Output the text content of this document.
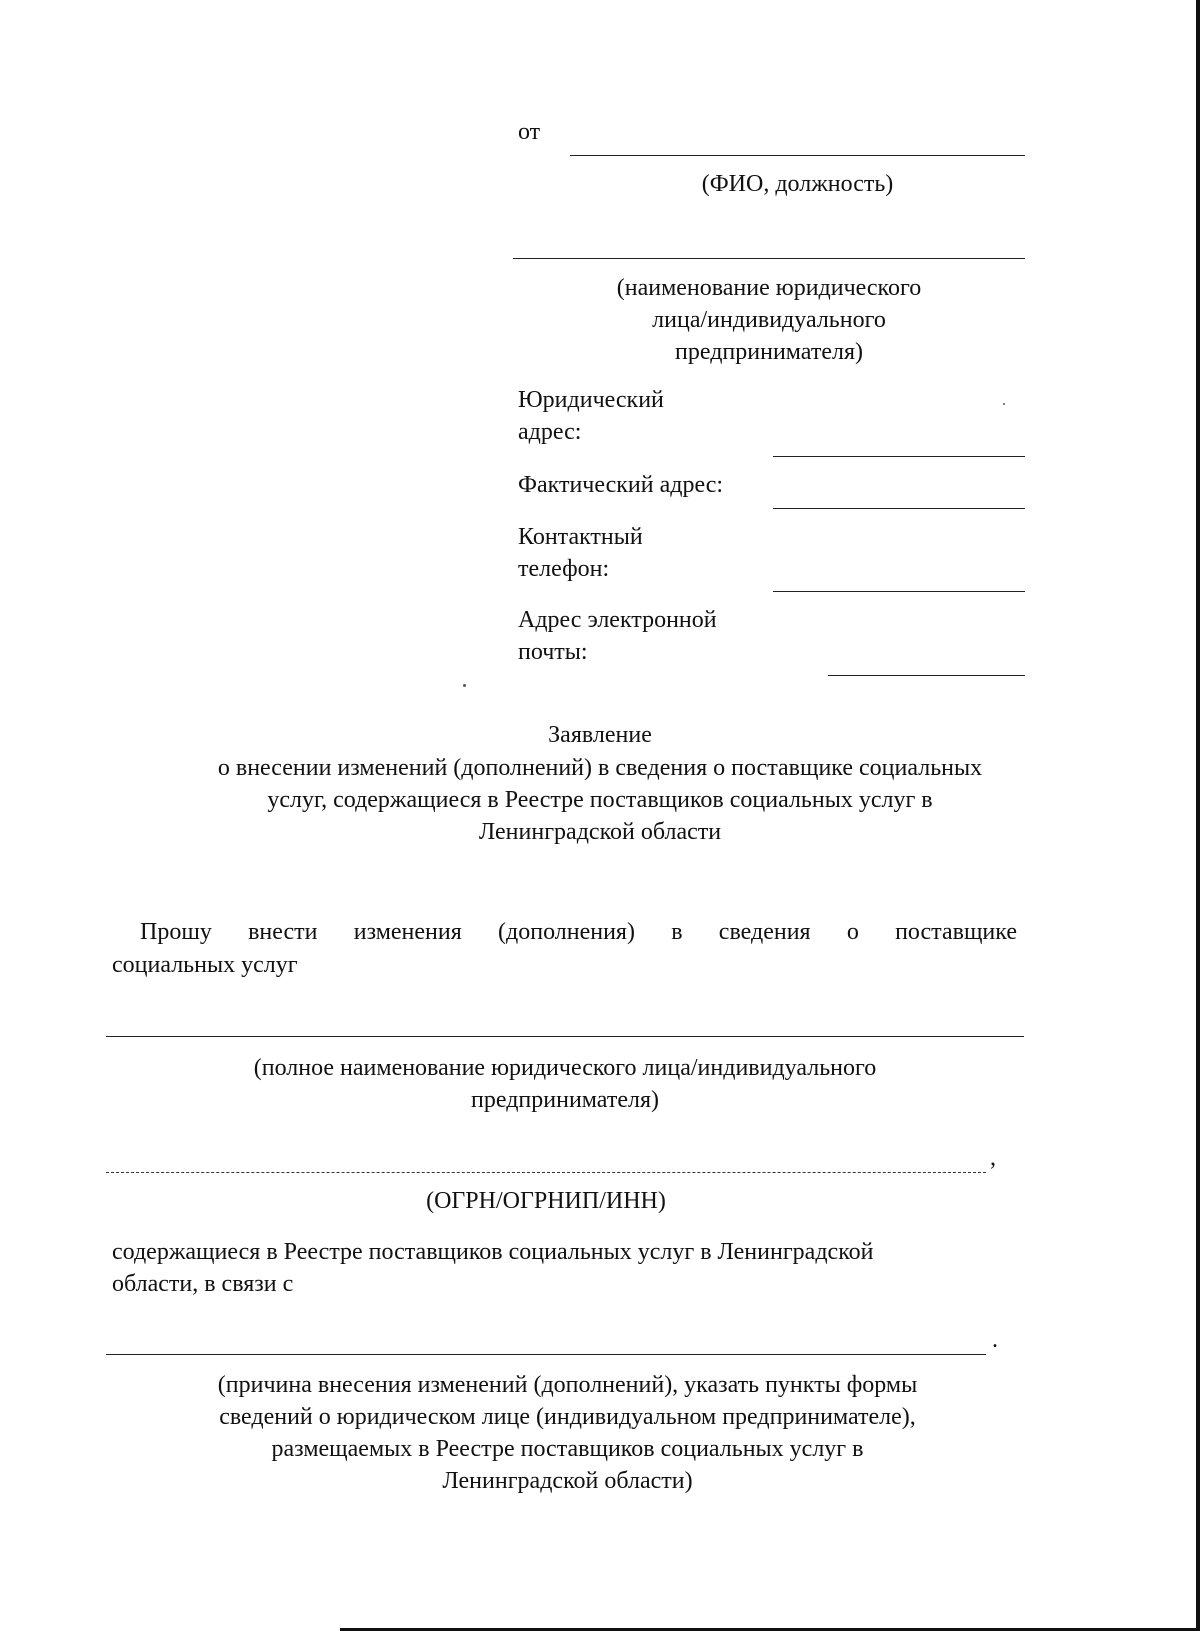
от
(ФИО, должность)
(наименование юридического
лица/индивидуального
предпринимателя)
Юридический
адрес:
Фактический адрес:
Контактный
телефон:
Адрес электронной
почты:
Заявление
о внесении изменений (дополнений) в сведения о поставщике социальных
услуг, содержащиеся в Реестре поставщиков социальных услуг в
Ленинградской области
Прошу внести изменения (дополнения) в сведения о поставщике
социальных услуг
(полное наименование юридического лица/индивидуального
предпринимателя)
,
(ОГРН/ОГРНИП/ИНН)
содержащиеся в Реестре поставщиков социальных услуг в Ленинградской
области, в связи с
.
(причина внесения изменений (дополнений), указать пункты формы
сведений о юридическом лице (индивидуальном предпринимателе),
размещаемых в Реестре поставщиков социальных услуг в
Ленинградской области)
